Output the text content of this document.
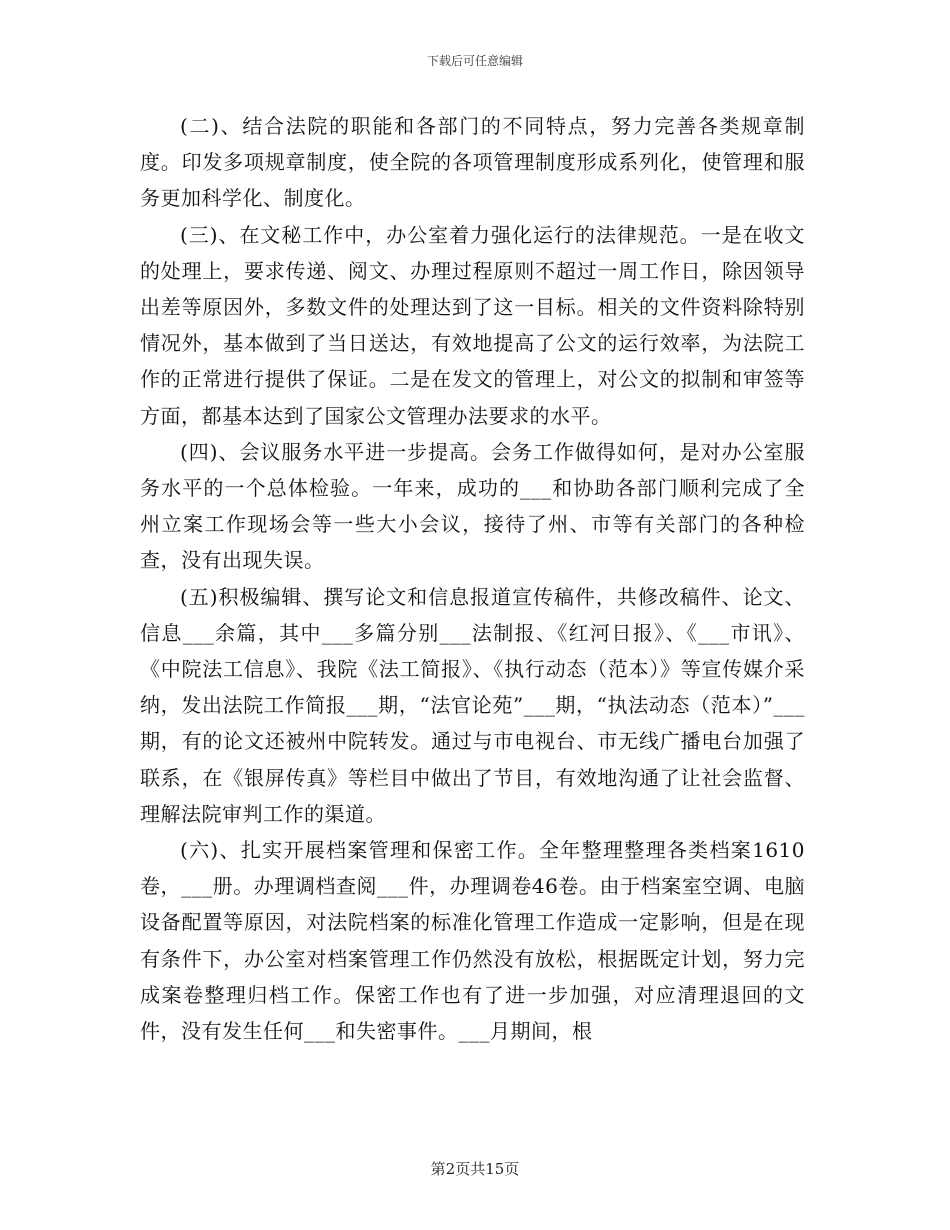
下载后可任意编辑

(二)、结合法院的职能和各部门的不同特点，努力完善各类规章制度。印发多项规章制度，使全院的各项管理制度形成系列化，使管理和服务更加科学化、制度化。

(三)、在文秘工作中，办公室着力强化运行的法律规范。一是在收文的处理上，要求传递、阅文、办理过程原则不超过一周工作日，除因领导出差等原因外，多数文件的处理达到了这一目标。相关的文件资料除特别情况外，基本做到了当日送达，有效地提高了公文的运行效率，为法院工作的正常进行提供了保证。二是在发文的管理上，对公文的拟制和审签等方面，都基本达到了国家公文管理办法要求的水平。

(四)、会议服务水平进一步提高。会务工作做得如何，是对办公室服务水平的一个总体检验。一年来，成功的___和协助各部门顺利完成了全州立案工作现场会等一些大小会议，接待了州、市等有关部门的各种检查，没有出现失误。

(五)积极编辑、撰写论文和信息报道宣传稿件，共修改稿件、论文、信息___余篇，其中___多篇分别___法制报、《红河日报》、《___市讯》、《中院法工信息》、我院《法工简报》、《执行动态（范本）》等宣传媒介采纳，发出法院工作简报___期，“法官论苑”___期，“执法动态（范本）”___期，有的论文还被州中院转发。通过与市电视台、市无线广播电台加强了联系，在《银屏传真》等栏目中做出了节目，有效地沟通了让社会监督、理解法院审判工作的渠道。

(六)、扎实开展档案管理和保密工作。全年整理整理各类档案1610卷，___册。办理调档查阅___件，办理调卷46卷。由于档案室空调、电脑设备配置等原因，对法院档案的标准化管理工作造成一定影响，但是在现有条件下，办公室对档案管理工作仍然没有放松，根据既定计划，努力完成案卷整理归档工作。保密工作也有了进一步加强，对应清理退回的文件，没有发生任何___和失密事件。___月期间，根

第2页共15页
